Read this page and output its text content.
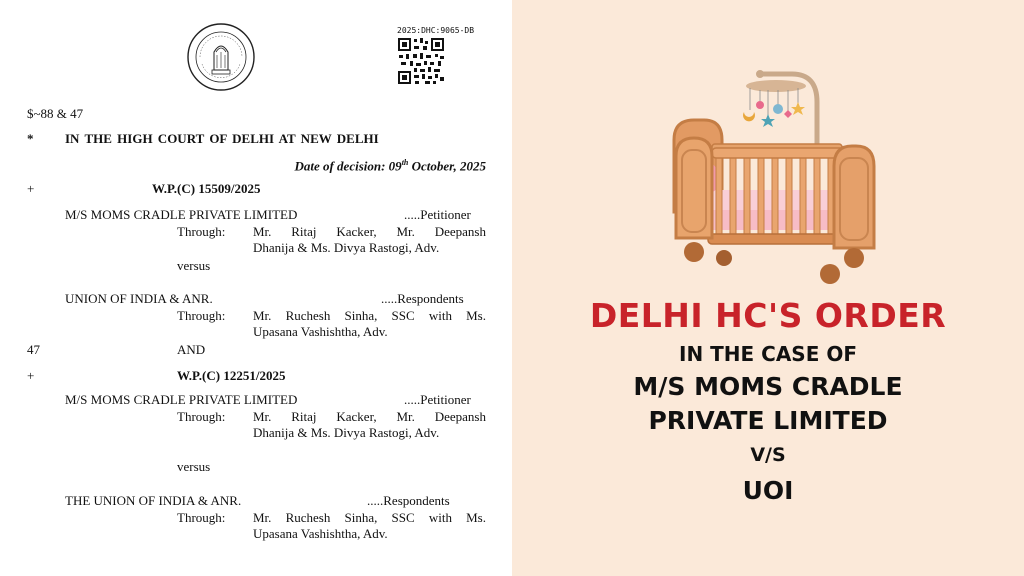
2025:DHC:9065-DB
$~88 & 47
* IN THE HIGH COURT OF DELHI AT NEW DELHI
Date of decision: 09th October, 2025
+	W.P.(C) 15509/2025
M/S MOMS CRADLE PRIVATE LIMITED	.....Petitioner
Through: Mr. Ritaj Kacker, Mr. Deepansh
Dhanija & Ms. Divya Rastogi, Adv.
versus
UNION OF INDIA & ANR.	.....Respondents
Through: Mr. Ruchesh Sinha, SSC with Ms.
Upasana Vashishtha, Adv.
47	AND
+	W.P.(C) 12251/2025
M/S MOMS CRADLE PRIVATE LIMITED	.....Petitioner
Through: Mr. Ritaj Kacker, Mr. Deepansh
Dhanija & Ms. Divya Rastogi, Adv.
versus
THE UNION OF INDIA & ANR.	.....Respondents
Through: Mr. Ruchesh Sinha, SSC with Ms.
Upasana Vashishtha, Adv.
DELHI HC'S ORDER
IN THE CASE OF
M/S MOMS CRADLE
PRIVATE LIMITED
V/S
UOI
